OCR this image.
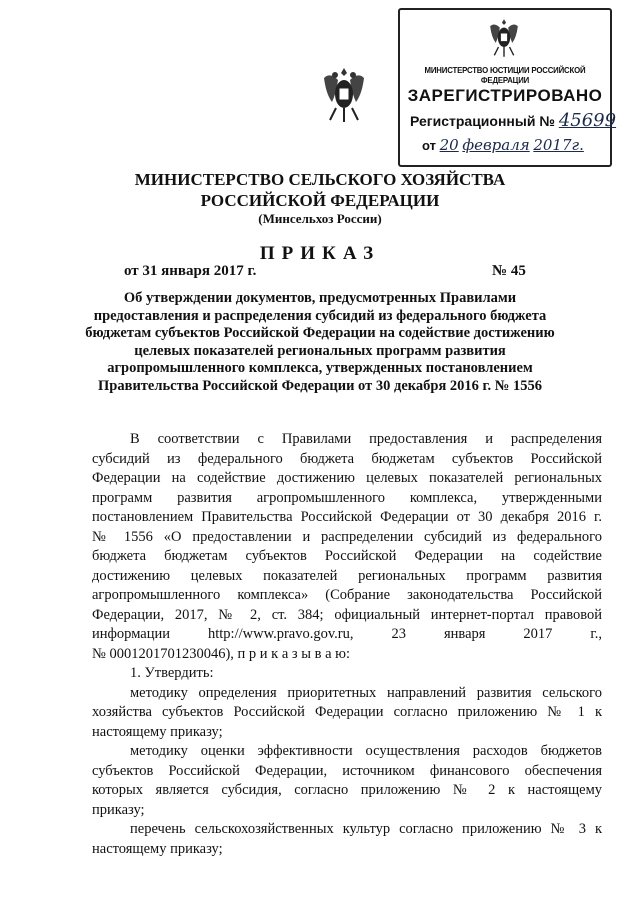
МИНИСТЕРСТВО ЮСТИЦИИ РОССИЙСКОЙ ФЕДЕРАЦИИ
ЗАРЕГИСТРИРОВАНО
Регистрационный № 45699
от 20 февраля 2017г.
МИНИСТЕРСТВО СЕЛЬСКОГО ХОЗЯЙСТВА
РОССИЙСКОЙ ФЕДЕРАЦИИ
(Минсельхоз России)
ПРИКАЗ
от 31 января 2017 г.	№ 45
Об утверждении документов, предусмотренных Правилами
предоставления и распределения субсидий из федерального бюджета
бюджетам субъектов Российской Федерации на содействие достижению
целевых показателей региональных программ развития
агропромышленного комплекса, утвержденных постановлением
Правительства Российской Федерации от 30 декабря 2016 г. № 1556
В соответствии с Правилами предоставления и распределения
субсидий из федерального бюджета бюджетам субъектов Российской
Федерации на содействие достижению целевых показателей региональных
программ развития агропромышленного комплекса, утвержденными
постановлением Правительства Российской Федерации от 30 декабря 2016 г.
№ 1556 «О предоставлении и распределении субсидий из федерального
бюджета бюджетам субъектов Российской Федерации на содействие
достижению целевых показателей региональных программ развития
агропромышленного комплекса» (Собрание законодательства Российской
Федерации, 2017, № 2, ст. 384; официальный интернет-портал правовой
информации http://www.pravo.gov.ru, 23 января 2017 г.,
№ 0001201701230046), п р и к а з ы в а ю:
1. Утвердить:
методику определения приоритетных направлений развития сельского
хозяйства субъектов Российской Федерации согласно приложению № 1 к
настоящему приказу;
методику оценки эффективности осуществления расходов бюджетов
субъектов Российской Федерации, источником финансового обеспечения
которых является субсидия, согласно приложению № 2 к настоящему
приказу;
перечень сельскохозяйственных культур согласно приложению № 3 к
настоящему приказу;
